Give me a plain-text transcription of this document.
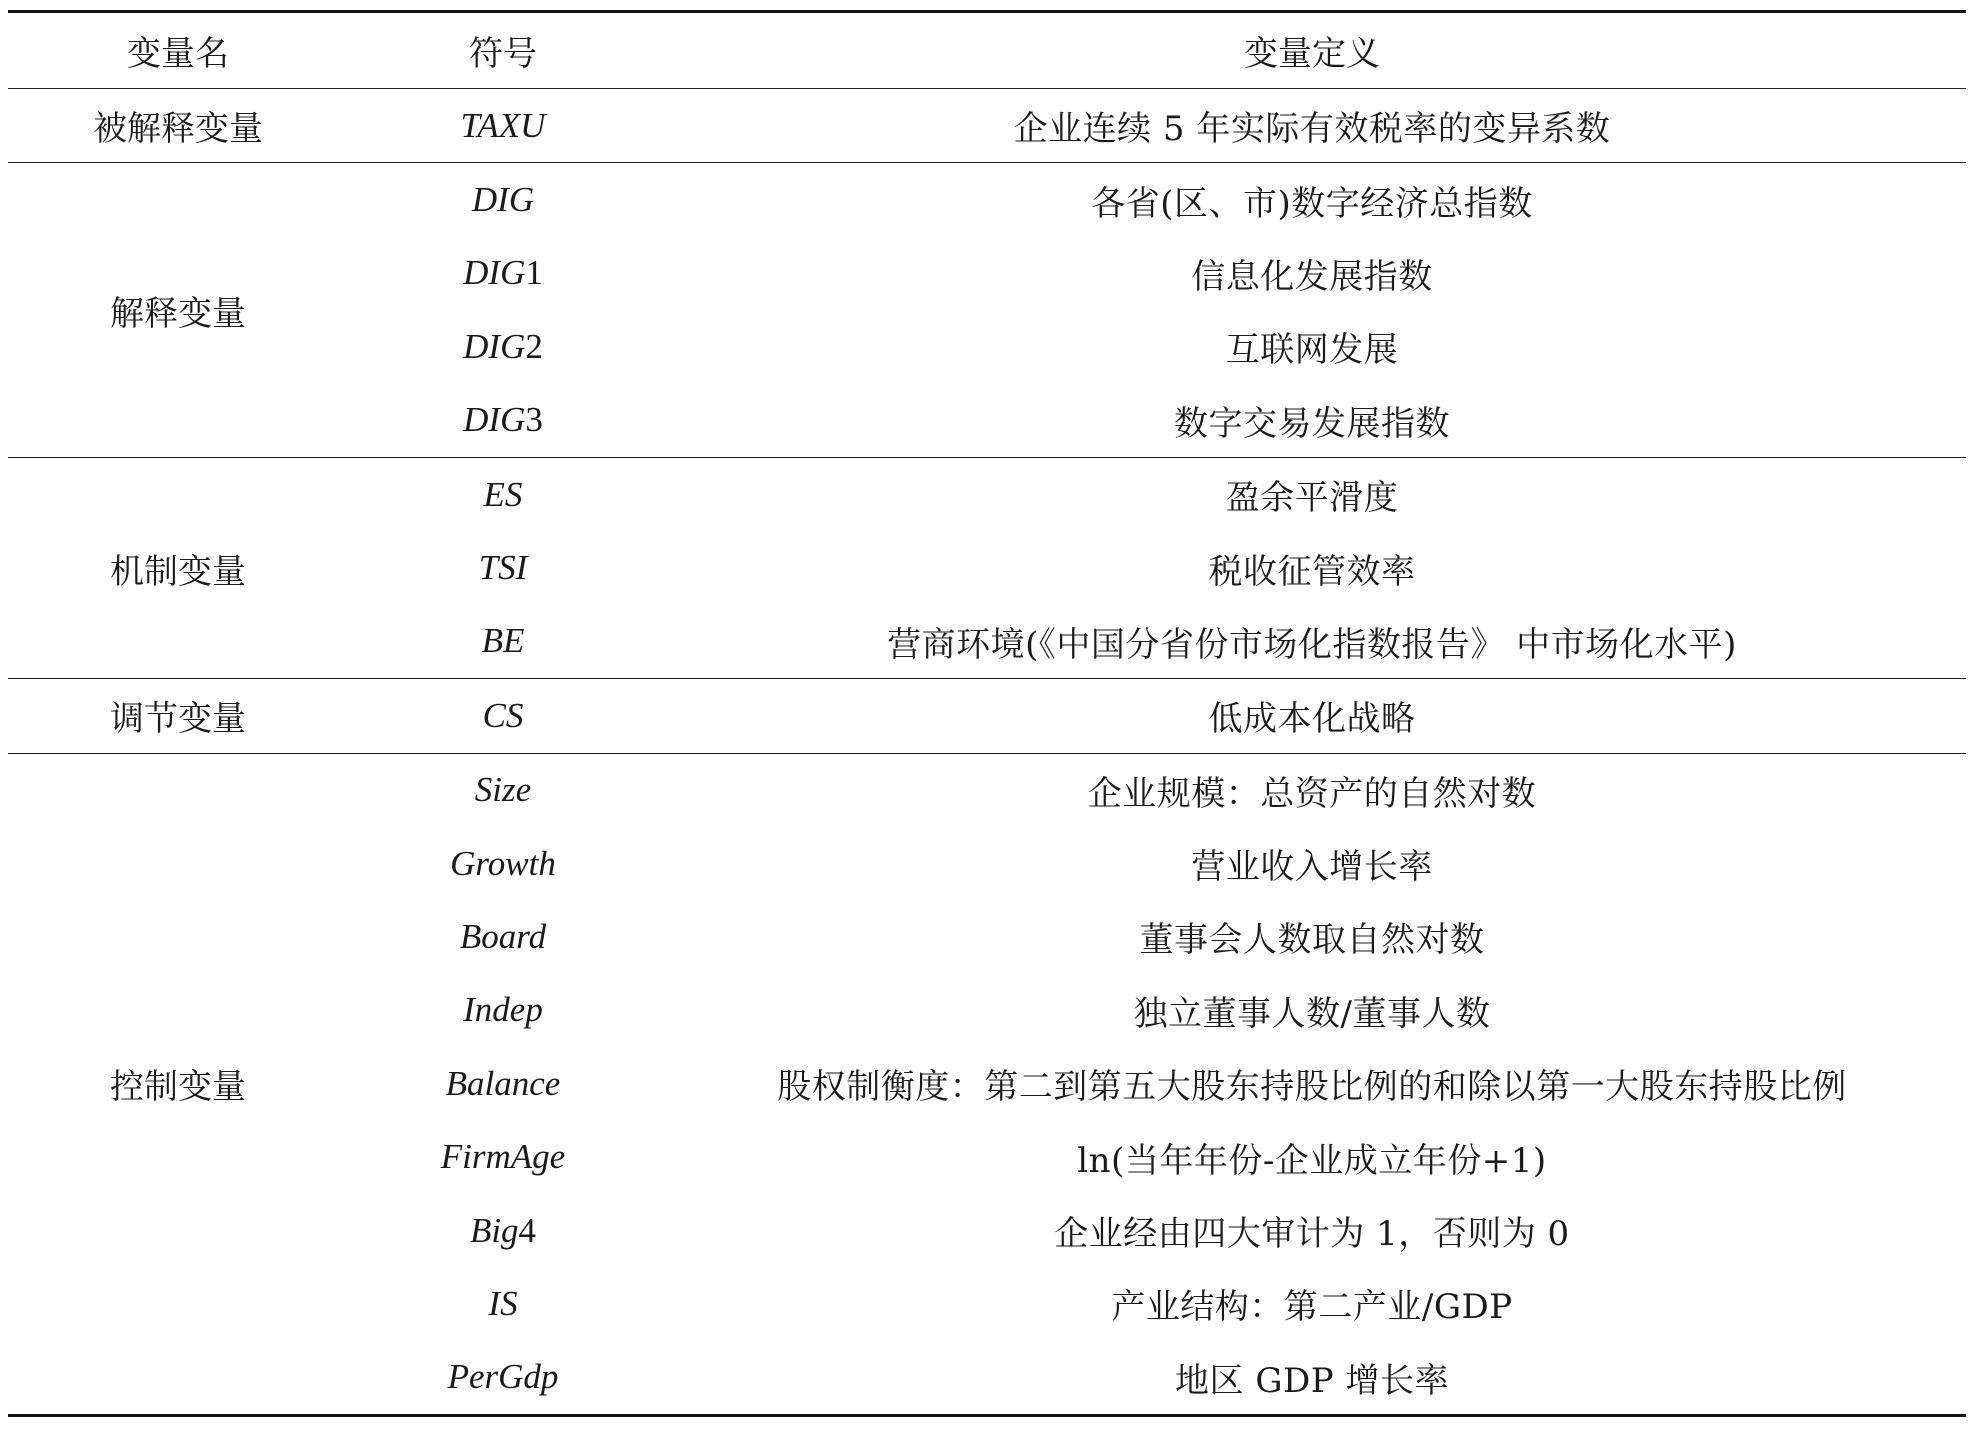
变量名	符号	变量定义
被解释变量	TAXU	企业连续 5 年实际有效税率的变异系数
解释变量	DIG	各省(区、市)数字经济总指数
	DIG1	信息化发展指数
	DIG2	互联网发展
	DIG3	数字交易发展指数
机制变量	ES	盈余平滑度
	TSI	税收征管效率
	BE	营商环境(《中国分省份市场化指数报告》 中市场化水平)
调节变量	CS	低成本化战略
控制变量	Size	企业规模：总资产的自然对数
	Growth	营业收入增长率
	Board	董事会人数取自然对数
	Indep	独立董事人数/董事人数
	Balance	股权制衡度：第二到第五大股东持股比例的和除以第一大股东持股比例
	FirmAge	ln(当年年份-企业成立年份+1)
	Big4	企业经由四大审计为 1，否则为 0
	IS	产业结构：第二产业/GDP
	PerGdp	地区 GDP 增长率
